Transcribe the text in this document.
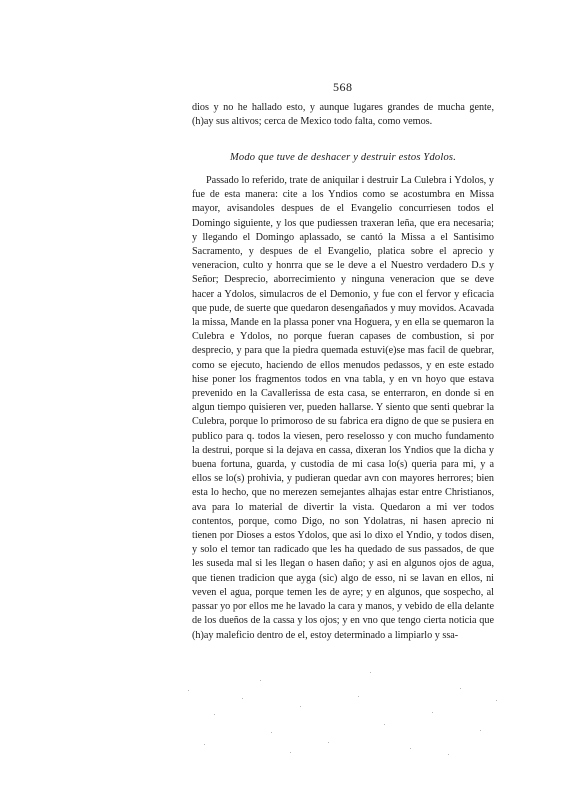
568

dios y no he hallado esto, y aunque lugares grandes de mucha gente, (h)ay sus altivos; cerca de Mexico todo falta, como vemos.

Modo que tuve de deshacer y destruir estos Ydolos.

Passado lo referido, trate de aniquilar i destruir La Culebra i Ydolos, y fue de esta manera: cite a los Yndios como se acostumbra en Missa mayor, avisandoles despues de el Evangelio concurriesen todos el Domingo siguiente, y los que pudiessen traxeran leña, que era necesaria; y llegando el Domingo aplassado, se cantó la Missa a el Santisimo Sacramento, y despues de el Evangelio, platica sobre el aprecio y veneracion, culto y honrra que se le deve a el Nuestro verdadero D.s y Señor; Desprecio, aborrecimiento y ninguna veneracion que se deve hacer a Ydolos, simulacros de el Demonio, y fue con el fervor y eficacia que pude, de suerte que quedaron desengañados y muy movidos. Acavada la missa, Mande en la plassa poner vna Hoguera, y en ella se quemaron la Culebra e Ydolos, no porque fueran capases de combustion, si por desprecio, y para que la piedra quemada estuvi(e)se mas facil de quebrar, como se ejecuto, haciendo de ellos menudos pedassos, y en este estado hise poner los fragmentos todos en vna tabla, y en vn hoyo que estava prevenido en la Cavallerissa de esta casa, se enterraron, en donde si en algun tiempo quisieren ver, pueden hallarse. Y siento que senti quebrar la Culebra, porque lo primoroso de su fabrica era digno de que se pusiera en publico para q. todos la viesen, pero reselosso y con mucho fundamento la destrui, porque si la dejava en cassa, dixeran los Yndios que la dicha y buena fortuna, guarda, y custodia de mi casa lo(s) queria para mi, y a ellos se lo(s) prohivia, y pudieran quedar avn con mayores herrores; bien esta lo hecho, que no merezen semejantes alhajas estar entre Christianos, ava para lo material de divertir la vista. Quedaron a mi ver todos contentos, porque, como Digo, no son Ydolatras, ni hasen aprecio ni tienen por Dioses a estos Ydolos, que asi lo dixo el Yndio, y todos disen, y solo el temor tan radicado que les ha quedado de sus passados, de que les suseda mal si les llegan o hasen daño; y asi en algunos ojos de agua, que tienen tradicion que ayga (sic) algo de esso, ni se lavan en ellos, ni veven el agua, porque temen les de ayre; y en algunos, que sospecho, al passar yo por ellos me he lavado la cara y manos, y vebido de ella delante de los dueños de la cassa y los ojos; y en vno que tengo cierta noticia que (h)ay maleficio dentro de el, estoy determinado a limpiarlo y ssa-
